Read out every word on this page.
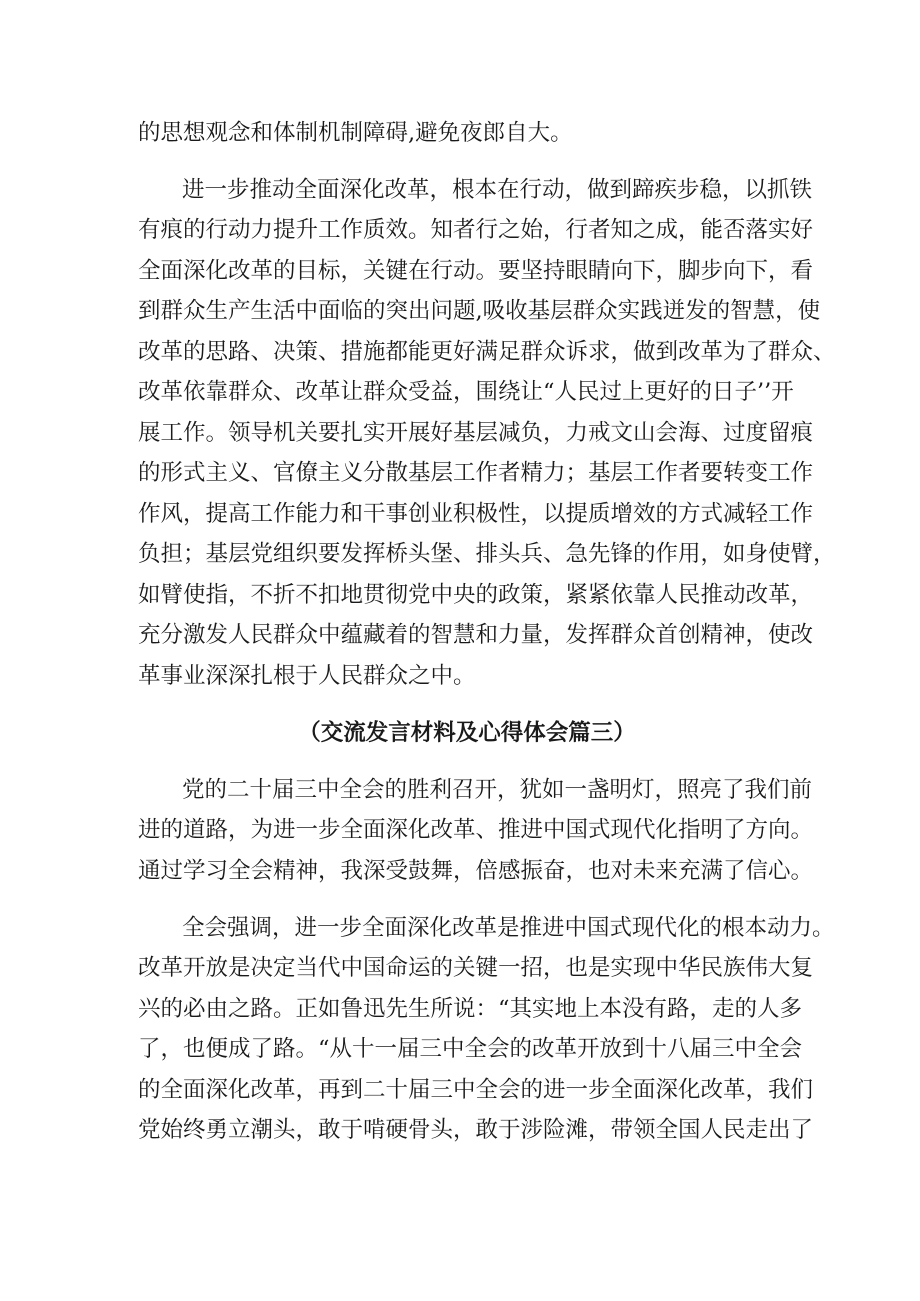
的思想观念和体制机制障碍,避免夜郎自大。
进一步推动全面深化改革，根本在行动，做到蹄疾步稳，以抓铁
有痕的行动力提升工作质效。知者行之始，行者知之成，能否落实好
全面深化改革的目标，关键在行动。要坚持眼睛向下，脚步向下，看
到群众生产生活中面临的突出问题,吸收基层群众实践迸发的智慧，使
改革的思路、决策、措施都能更好满足群众诉求，做到改革为了群众、
改革依靠群众、改革让群众受益，围绕让“人民过上更好的日子’’开
展工作。领导机关要扎实开展好基层减负，力戒文山会海、过度留痕
的形式主义、官僚主义分散基层工作者精力；基层工作者要转变工作
作风，提高工作能力和干事创业积极性，以提质增效的方式减轻工作
负担；基层党组织要发挥桥头堡、排头兵、急先锋的作用，如身使臂，
如臂使指，不折不扣地贯彻党中央的政策，紧紧依靠人民推动改革，
充分激发人民群众中蕴藏着的智慧和力量，发挥群众首创精神，使改
革事业深深扎根于人民群众之中。
（交流发言材料及心得体会篇三）
党的二十届三中全会的胜利召开，犹如一盏明灯，照亮了我们前
进的道路，为进一步全面深化改革、推进中国式现代化指明了方向。
通过学习全会精神，我深受鼓舞，倍感振奋，也对未来充满了信心。
全会强调，进一步全面深化改革是推进中国式现代化的根本动力。
改革开放是决定当代中国命运的关键一招，也是实现中华民族伟大复
兴的必由之路。正如鲁迅先生所说：“其实地上本没有路，走的人多
了，也便成了路。“从十一届三中全会的改革开放到十八届三中全会
的全面深化改革，再到二十届三中全会的进一步全面深化改革，我们
党始终勇立潮头，敢于啃硬骨头，敢于涉险滩，带领全国人民走出了
